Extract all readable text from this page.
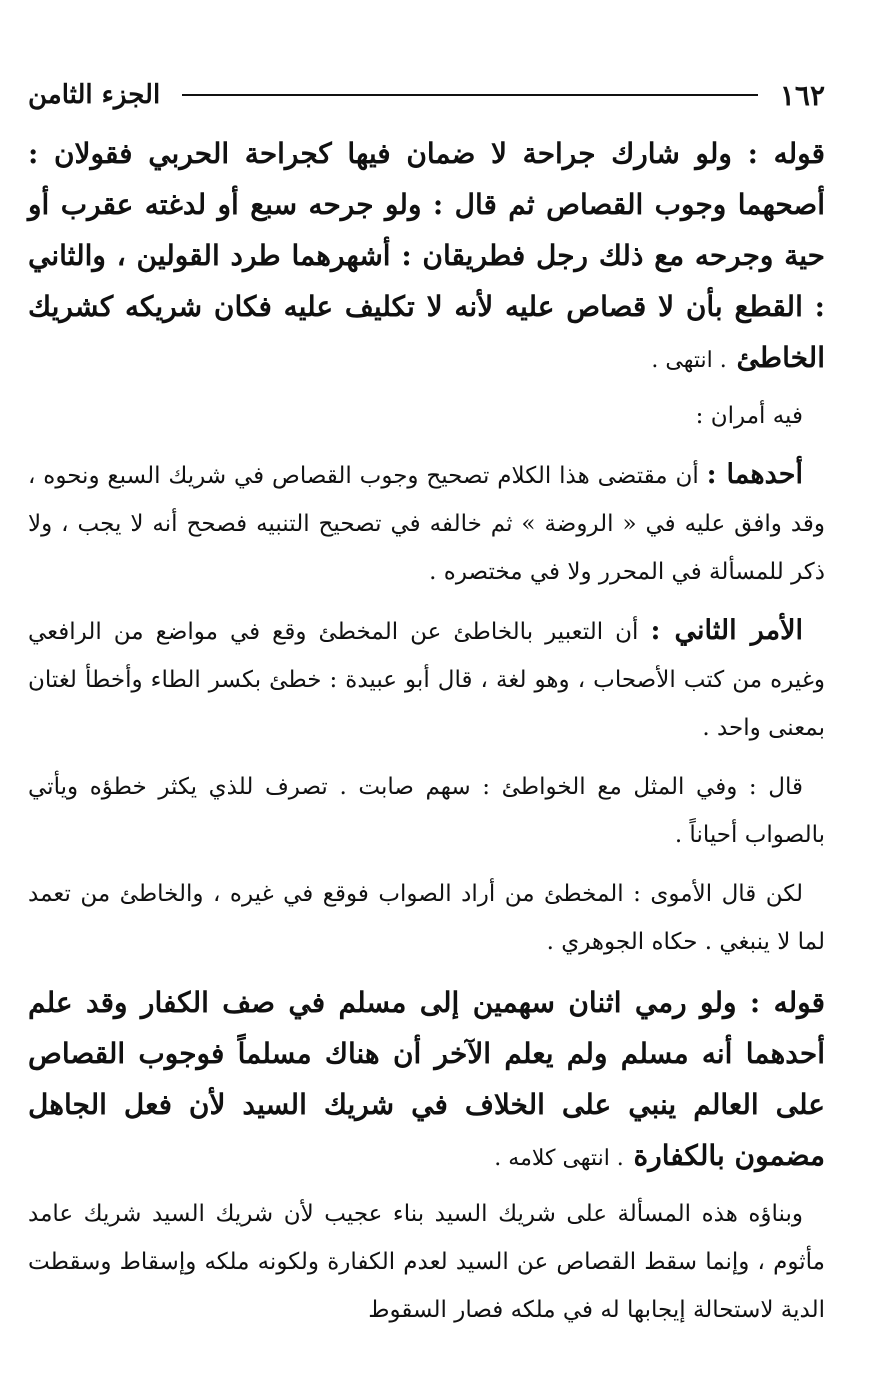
١٦٢
الجزء الثامن

قوله : ولو شارك جراحة لا ضمان فيها كجراحة الحربي فقولان : أصحهما وجوب القصاص ثم قال : ولو جرحه سبع أو لدغته عقرب أو حية وجرحه مع ذلك رجل فطريقان : أشهرهما طرد القولين ، والثاني : القطع بأن لا قصاص عليه لأنه لا تكليف عليه فكان شريكه كشريك الخاطئ . انتهى .

فيه أمران :

أحدهما : أن مقتضى هذا الكلام تصحيح وجوب القصاص في شريك السبع ونحوه ، وقد وافق عليه في « الروضة » ثم خالفه في تصحيح التنبيه فصحح أنه لا يجب ، ولا ذكر للمسألة في المحرر ولا في مختصره .

الأمر الثاني : أن التعبير بالخاطئ عن المخطئ وقع في مواضع من الرافعي وغيره من كتب الأصحاب ، وهو لغة ، قال أبو عبيدة : خطئ بكسر الطاء وأخطأ لغتان بمعنى واحد .

قال : وفي المثل مع الخواطئ : سهم صابت . تصرف للذي يكثر خطؤه ويأتي بالصواب أحياناً .

لكن قال الأموى : المخطئ من أراد الصواب فوقع في غيره ، والخاطئ من تعمد لما لا ينبغي . حكاه الجوهري .

قوله : ولو رمي اثنان سهمين إلى مسلم في صف الكفار وقد علم أحدهما أنه مسلم ولم يعلم الآخر أن هناك مسلماً فوجوب القصاص على العالم ينبي على الخلاف في شريك السيد لأن فعل الجاهل مضمون بالكفارة . انتهى كلامه .

وبناؤه هذه المسألة على شريك السيد بناء عجيب لأن شريك السيد شريك عامد مأثوم ، وإنما سقط القصاص عن السيد لعدم الكفارة ولكونه ملكه وإسقاط وسقطت الدية لاستحالة إيجابها له في ملكه فصار السقوط
